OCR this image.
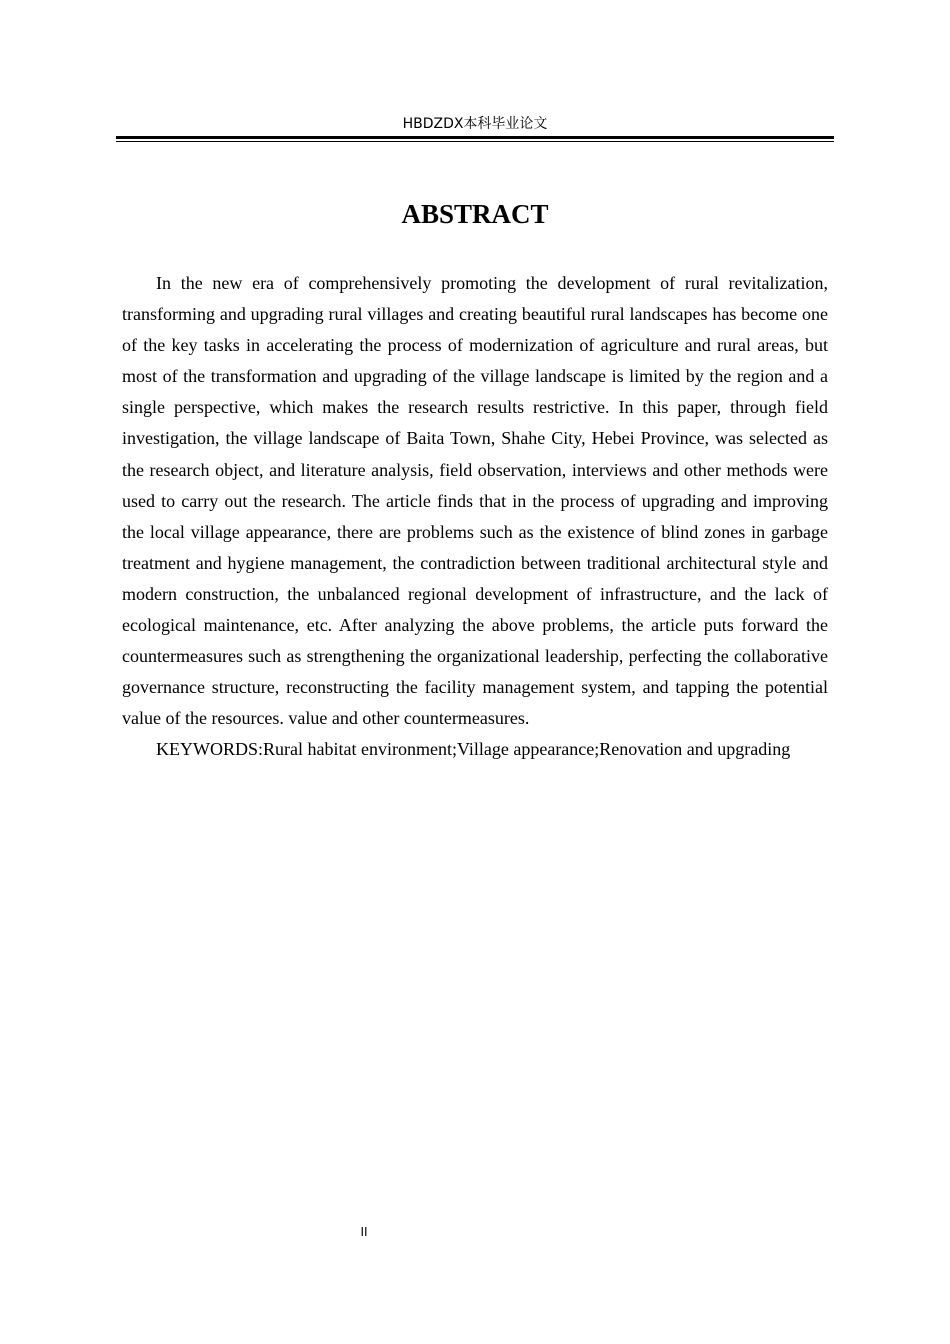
HBDZDX本科毕业论文
ABSTRACT

In the new era of comprehensively promoting the development of rural revitalization, transforming and upgrading rural villages and creating beautiful rural landscapes has become one of the key tasks in accelerating the process of modernization of agriculture and rural areas, but most of the transformation and upgrading of the village landscape is limited by the region and a single perspective, which makes the research results restrictive. In this paper, through field investigation, the village landscape of Baita Town, Shahe City, Hebei Province, was selected as the research object, and literature analysis, field observation, interviews and other methods were used to carry out the research. The article finds that in the process of upgrading and improving the local village appearance, there are problems such as the existence of blind zones in garbage treatment and hygiene management, the contradiction between traditional architectural style and modern construction, the unbalanced regional development of infrastructure, and the lack of ecological maintenance, etc. After analyzing the above problems, the article puts forward the countermeasures such as strengthening the organizational leadership, perfecting the collaborative governance structure, reconstructing the facility management system, and tapping the potential value of the resources. value and other countermeasures.

KEYWORDS:Rural habitat environment;Village appearance;Renovation and upgrading

II
